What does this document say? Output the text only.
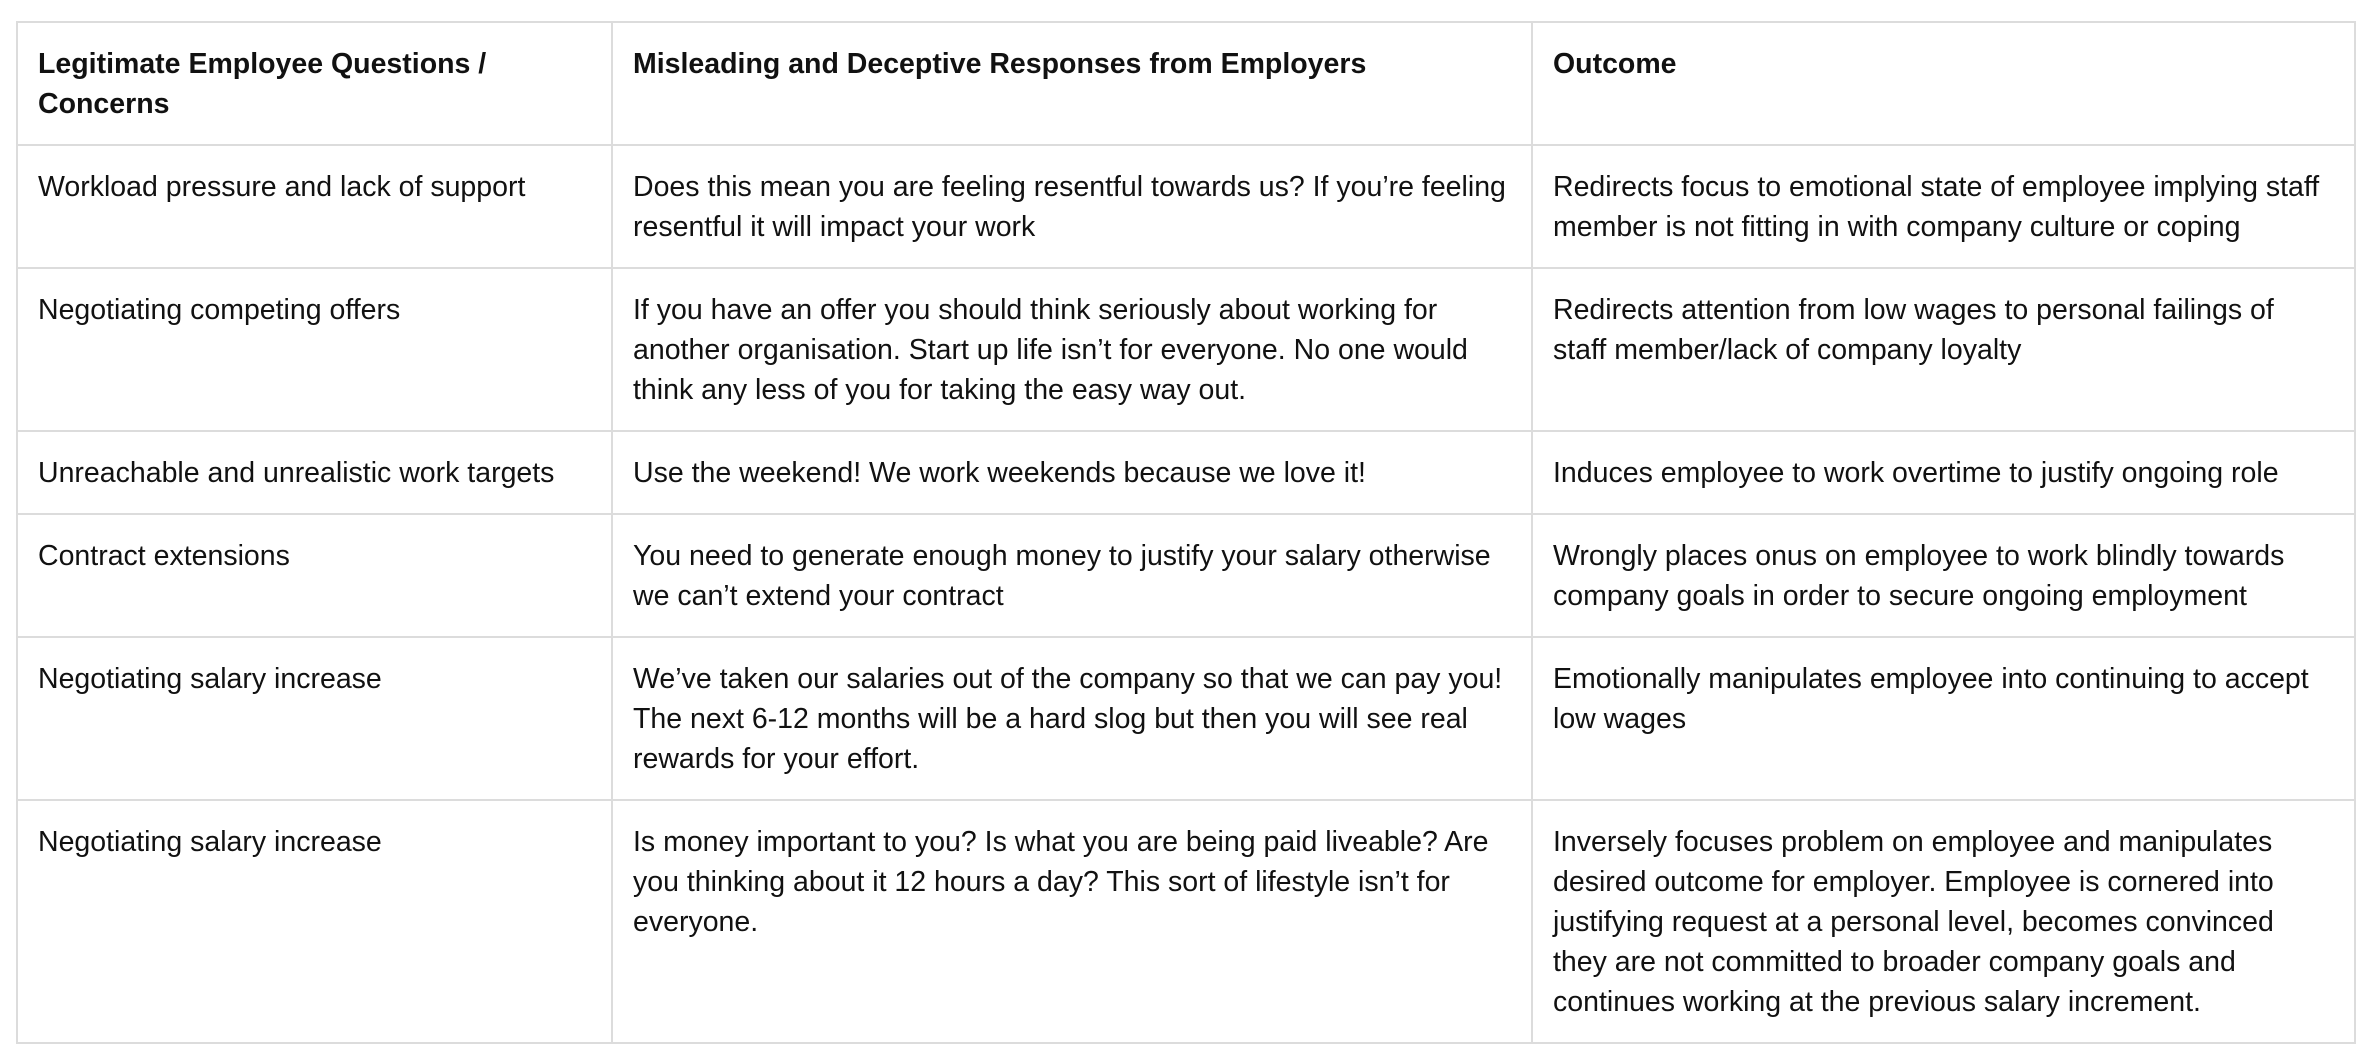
Legitimate Employee Questions / Concerns	Misleading and Deceptive Responses from Employers	Outcome
Workload pressure and lack of support	Does this mean you are feeling resentful towards us? If you’re feeling resentful it will impact your work	Redirects focus to emotional state of employee implying staff member is not fitting in with company culture or coping
Negotiating competing offers	If you have an offer you should think seriously about working for another organisation. Start up life isn’t for everyone. No one would think any less of you for taking the easy way out.	Redirects attention from low wages to personal failings of staff member/lack of company loyalty
Unreachable and unrealistic work targets	Use the weekend! We work weekends because we love it!	Induces employee to work overtime to justify ongoing role
Contract extensions	You need to generate enough money to justify your salary otherwise we can’t extend your contract	Wrongly places onus on employee to work blindly towards company goals in order to secure ongoing employment
Negotiating salary increase	We’ve taken our salaries out of the company so that we can pay you! The next 6-12 months will be a hard slog but then you will see real rewards for your effort.	Emotionally manipulates employee into continuing to accept low wages
Negotiating salary increase	Is money important to you? Is what you are being paid liveable? Are you thinking about it 12 hours a day? This sort of lifestyle isn’t for everyone.	Inversely focuses problem on employee and manipulates desired outcome for employer. Employee is cornered into justifying request at a personal level, becomes convinced they are not committed to broader company goals and continues working at the previous salary increment.
